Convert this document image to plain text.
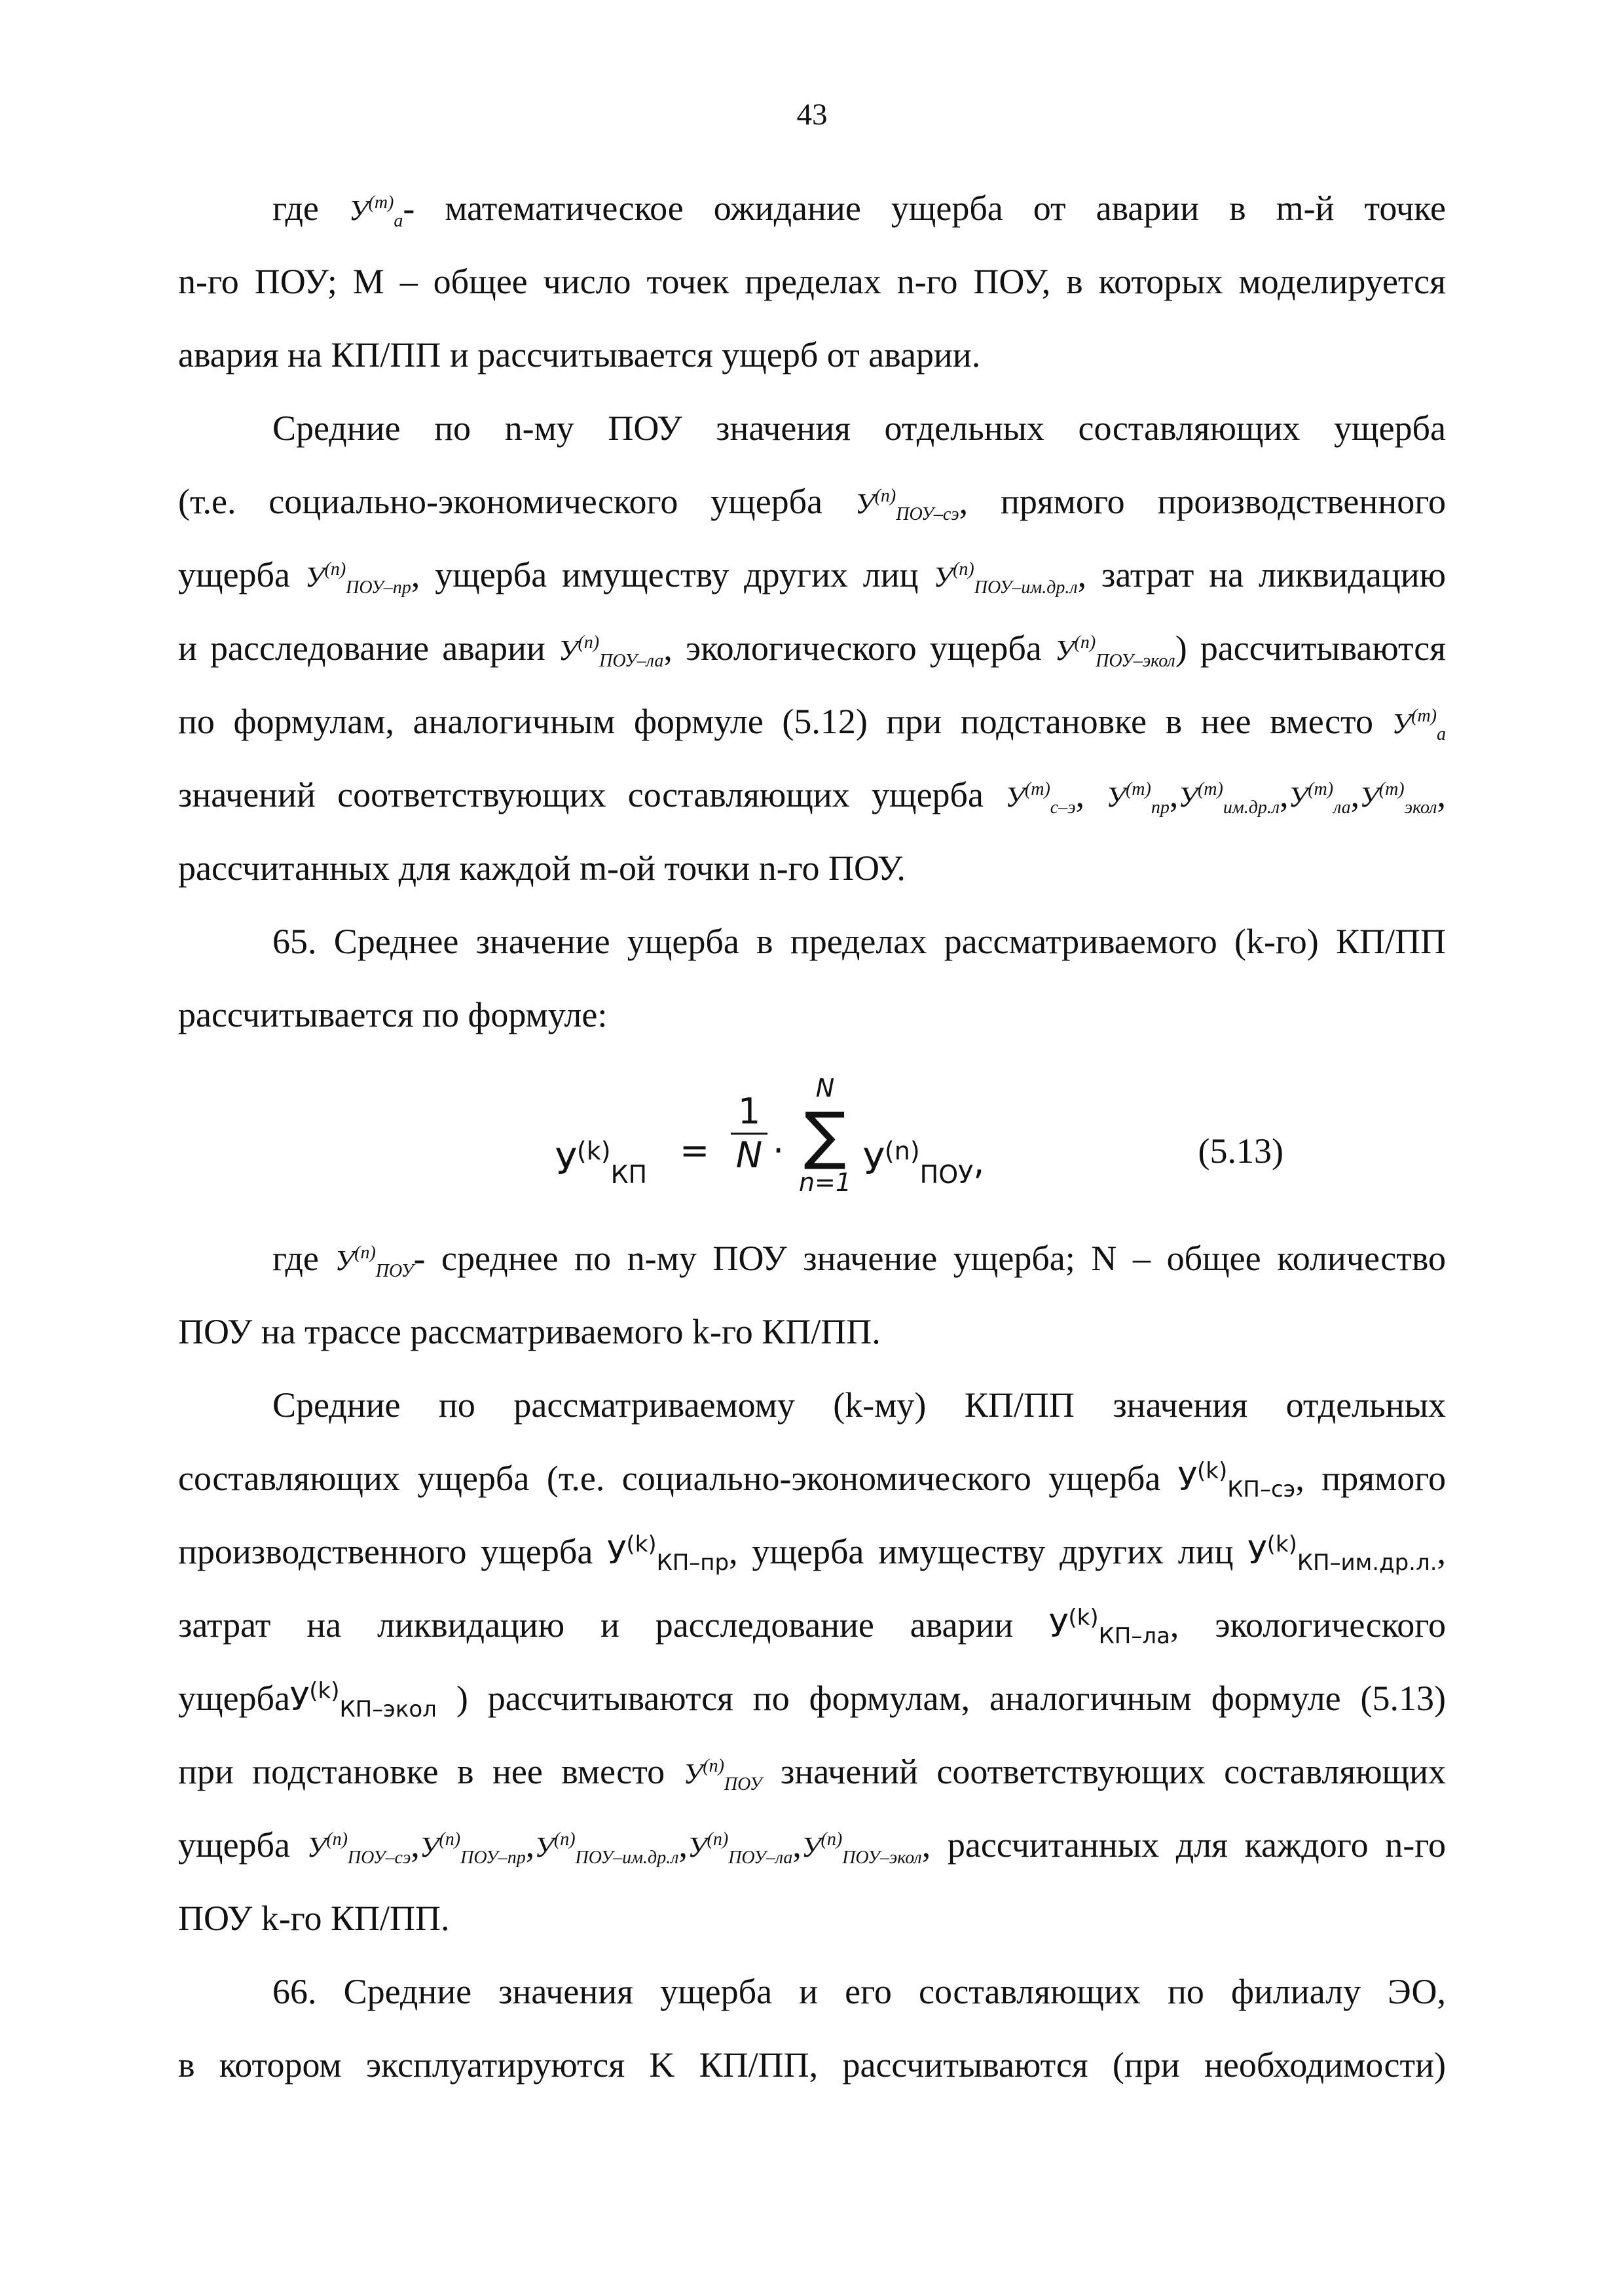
43
где $У^{(m)}_a-$ математическое ожидание ущерба от аварии в m-й точке
n-го ПОУ; M – общее число точек пределах n-го ПОУ, в которых моделируется
авария на КП/ПП и рассчитывается ущерб от аварии.
Средние по n-му ПОУ значения отдельных составляющих ущерба
(т.е. социально-экономического ущерба $У^{(n)}_{ПОУ-сэ}$, прямого производственного
ущерба $У^{(n)}_{ПОУ-пр}$, ущерба имуществу других лиц $У^{(n)}_{ПОУ-им.др.л}$, затрат на ликвидацию
и расследование аварии $У^{(n)}_{ПОУ-ла}$, экологического ущерба $У^{(n)}_{ПОУ-экол}$) рассчитываются
по формулам, аналогичным формуле (5.12) при подстановке в нее вместо $У^{(m)}_a$
значений соответствующих составляющих ущерба $У^{(m)}_{с-э}$, $У^{(m)}_{пр},У^{(m)}_{им.др.л},У^{(m)}_{ла},У^{(m)}_{экол}$,
рассчитанных для каждой m-ой точки n-го ПОУ.
65. Среднее значение ущерба в пределах рассматриваемого (k-го) КП/ПП
рассчитывается по формуле:
$У^{(k)}_{КП}$
=
1
N ·
N
∑
n=1 $У^{(n)}_{ПОУ}$,	(5.13)
где $У^{(n)}_{ПОУ}-$ среднее по n-му ПОУ значение ущерба; N – общее количество
ПОУ на трассе рассматриваемого k-го КП/ПП.
Средние по рассматриваемому (k-му) КП/ПП значения отдельных
составляющих ущерба (т.е. социально-экономического ущерба $У^{(k)}_{КП-сэ}$, прямого
производственного ущерба $У^{(k)}_{КП-пр}$, ущерба имуществу других лиц $У^{(k)}_{КП-им.др.л.}$,
затрат на ликвидацию и расследование аварии $У^{(k)}_{КП-ла}$, экологического
ущербаУ$^{(k)}_{КП-экол}$ ) рассчитываются по формулам, аналогичным формуле (5.13)
при подстановке в нее вместо $У^{(n)}_{ПОУ}$ значений соответствующих составляющих
ущерба $У^{(n)}_{ПОУ-сэ},У^{(n)}_{ПОУ-пр},У^{(n)}_{ПОУ-им.др.л},У^{(n)}_{ПОУ-ла},У^{(n)}_{ПОУ-экол}$, рассчитанных для каждого n-го
ПОУ k-го КП/ПП.
66. Средние значения ущерба и его составляющих по филиалу ЭО,
в котором эксплуатируются K КП/ПП, рассчитываются (при необходимости)
